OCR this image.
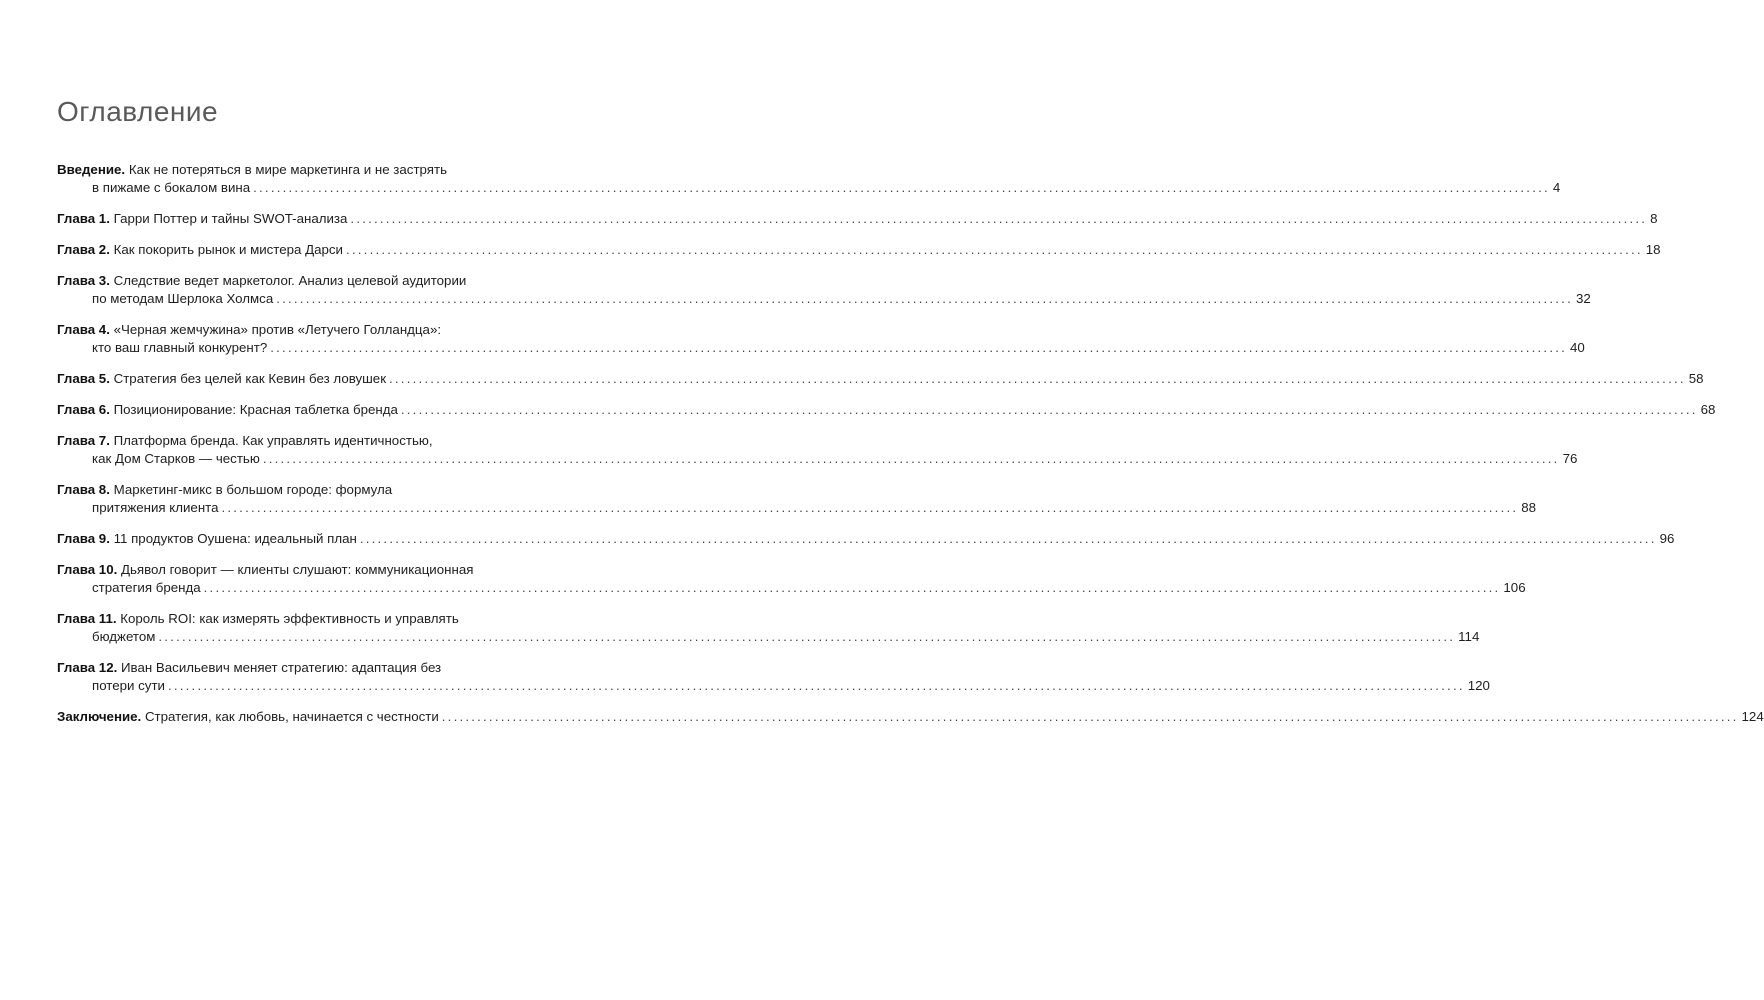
Оглавление
Введение. Как не потеряться в мире маркетинга и не застрять
в пижаме с бокалом вина ............................................................................................................................................................................................................................ 4
Глава 1. Гарри Поттер и тайны SWOT-анализа ............................................................................................................................................................................................................................ 8
Глава 2. Как покорить рынок и мистера Дарси ............................................................................................................................................................................................................................ 18
Глава 3. Следствие ведет маркетолог. Анализ целевой аудитории
по методам Шерлока Холмса ............................................................................................................................................................................................................................ 32
Глава 4. «Черная жемчужина» против «Летучего Голландца»:
кто ваш главный конкурент? ............................................................................................................................................................................................................................ 40
Глава 5. Стратегия без целей как Кевин без ловушек ............................................................................................................................................................................................................................ 58
Глава 6. Позиционирование: Красная таблетка бренда ............................................................................................................................................................................................................................ 68
Глава 7. Платформа бренда. Как управлять идентичностью,
как Дом Старков — честью ............................................................................................................................................................................................................................ 76
Глава 8. Маркетинг-микс в большом городе: формула
притяжения клиента ............................................................................................................................................................................................................................ 88
Глава 9. 11 продуктов Оушена: идеальный план ............................................................................................................................................................................................................................ 96
Глава 10. Дьявол говорит — клиенты слушают: коммуникационная
стратегия бренда ............................................................................................................................................................................................................................ 106
Глава 11. Король ROI: как измерять эффективность и управлять
бюджетом ............................................................................................................................................................................................................................ 114
Глава 12. Иван Васильевич меняет стратегию: адаптация без
потери сути ............................................................................................................................................................................................................................ 120
Заключение. Стратегия, как любовь, начинается с честности ............................................................................................................................................................................................................................ 124
